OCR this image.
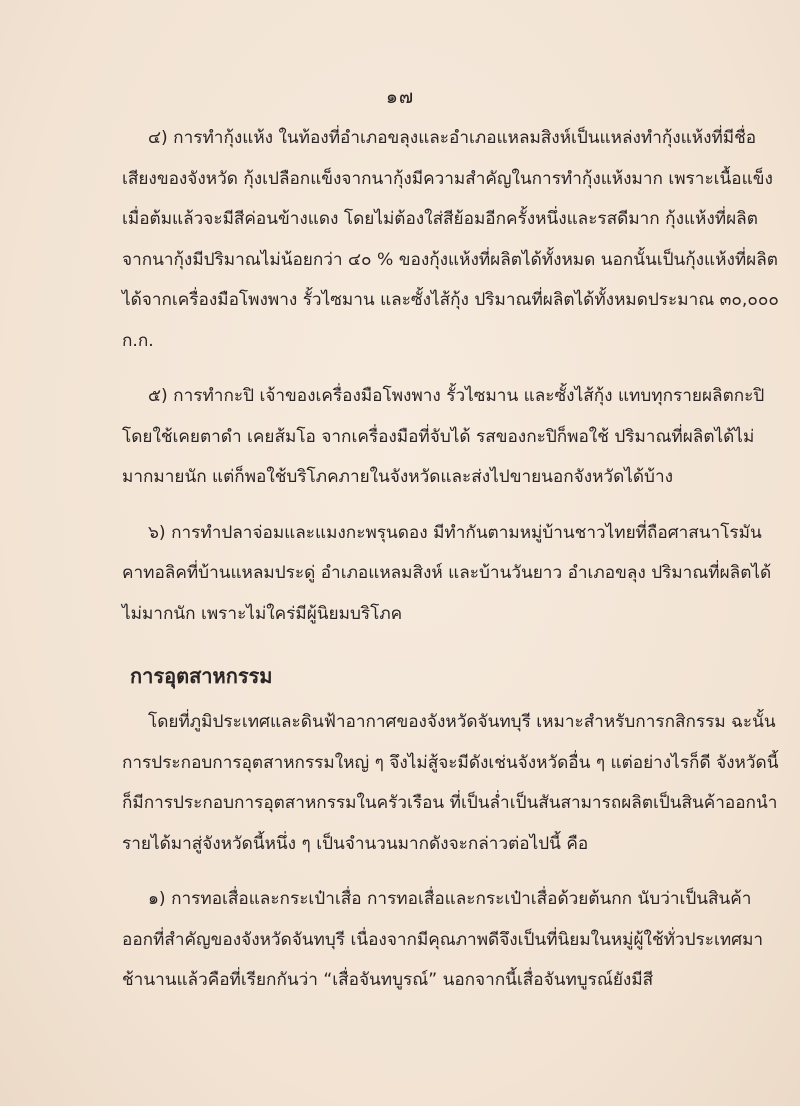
๑๗

๔) การทำกุ้งแห้ง ในท้องที่อำเภอขลุงและอำเภอแหลมสิงห์เป็นแหล่งทำกุ้งแห้งที่มีชื่อเสียงของจังหวัด กุ้งเปลือกแข็งจากนากุ้งมีความสำคัญในการทำกุ้งแห้งมาก เพราะเนื้อแข็งเมื่อต้มแล้วจะมีสีค่อนข้างแดง โดยไม่ต้องใส่สีย้อมอีกครั้งหนึ่งและรสดีมาก กุ้งแห้งที่ผลิตจากนากุ้งมีปริมาณไม่น้อยกว่า ๔๐ % ของกุ้งแห้งที่ผลิตได้ทั้งหมด นอกนั้นเป็นกุ้งแห้งที่ผลิตได้จากเครื่องมือโพงพาง รั้วไซมาน และซั้งไส้กุ้ง ปริมาณที่ผลิตได้ทั้งหมดประมาณ ๓๐,๐๐๐ ก.ก.

๕) การทำกะปิ เจ้าของเครื่องมือโพงพาง รั้วไซมาน และซั้งไส้กุ้ง แทบทุกรายผลิตกะปิ โดยใช้เคยตาดำ เคยส้มโอ จากเครื่องมือที่จับได้ รสของกะปิก็พอใช้ ปริมาณที่ผลิตได้ไม่มากมายนัก แต่ก็พอใช้บริโภคภายในจังหวัดและส่งไปขายนอกจังหวัดได้บ้าง

๖) การทำปลาจ่อมและแมงกะพรุนดอง มีทำกันตามหมู่บ้านชาวไทยที่ถือศาสนาโรมันคาทอลิคที่บ้านแหลมประดู่ อำเภอแหลมสิงห์ และบ้านวันยาว อำเภอขลุง ปริมาณที่ผลิตได้ไม่มากนัก เพราะไม่ใคร่มีผู้นิยมบริโภค

การอุตสาหกรรม

โดยที่ภูมิประเทศและดินฟ้าอากาศของจังหวัดจันทบุรี เหมาะสำหรับการกสิกรรม ฉะนั้น การประกอบการอุตสาหกรรมใหญ่ ๆ จึงไม่สู้จะมีดังเช่นจังหวัดอื่น ๆ แต่อย่างไรก็ดี จังหวัดนี้ก็มีการประกอบการอุตสาหกรรมในครัวเรือน ที่เป็นล่ำเป็นสันสามารถผลิตเป็นสินค้าออกนำรายได้มาสู่จังหวัดนี้หนึ่ง ๆ เป็นจำนวนมากดังจะกล่าวต่อไปนี้ คือ

๑) การทอเสื่อและกระเป๋าเสื่อ การทอเสื่อและกระเป๋าเสื่อด้วยต้นกก นับว่าเป็นสินค้าออกที่สำคัญของจังหวัดจันทบุรี เนื่องจากมีคุณภาพดีจึงเป็นที่นิยมในหมู่ผู้ใช้ทั่วประเทศมาช้านานแล้วคือที่เรียกกันว่า “เสื่อจันทบูรณ์” นอกจากนี้เสื่อจันทบูรณ์ยังมีสี
